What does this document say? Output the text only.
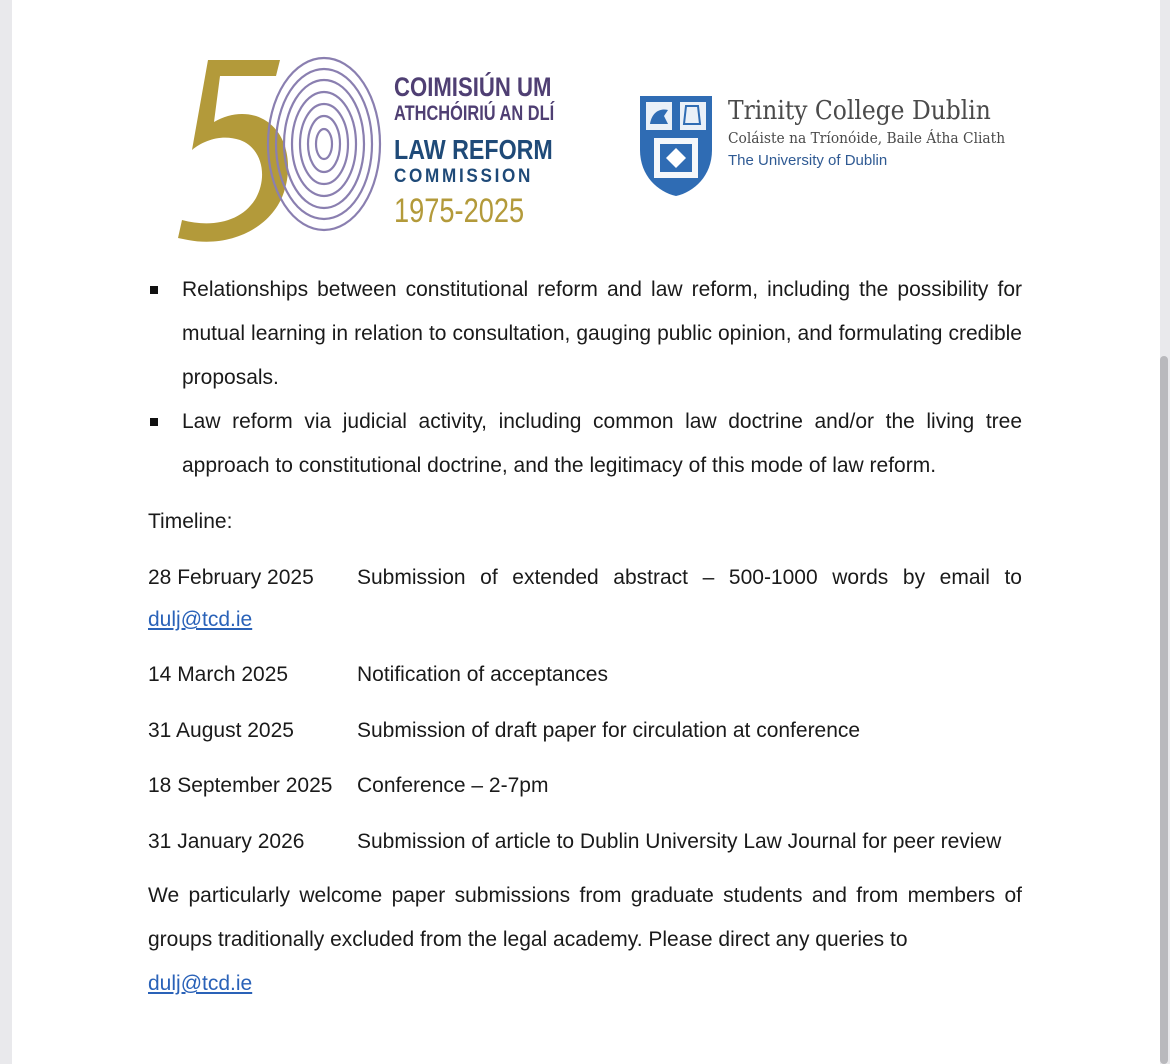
COIMISIÚN UM
ATHCHÓIRIÚ AN DLÍ
LAW REFORM
COMMISSION
1975-2025
Trinity College Dublin
Coláiste na Tríonóide, Baile Átha Cliath
The University of Dublin
Relationships between constitutional reform and law reform, including the possibility for mutual learning in relation to consultation, gauging public opinion, and formulating credible proposals.
Law reform via judicial activity, including common law doctrine and/or the living tree approach to constitutional doctrine, and the legitimacy of this mode of law reform.
Timeline:
28 February 2025 Submission of extended abstract – 500-1000 words by email to
dulj@tcd.ie
14 March 2025	Notification of acceptances
31 August 2025	Submission of draft paper for circulation at conference
18 September 2025 Conference – 2-7pm
31 January 2026	Submission of article to Dublin University Law Journal for peer review
We particularly welcome paper submissions from graduate students and from members of groups traditionally excluded from the legal academy. Please direct any queries to
dulj@tcd.ie
